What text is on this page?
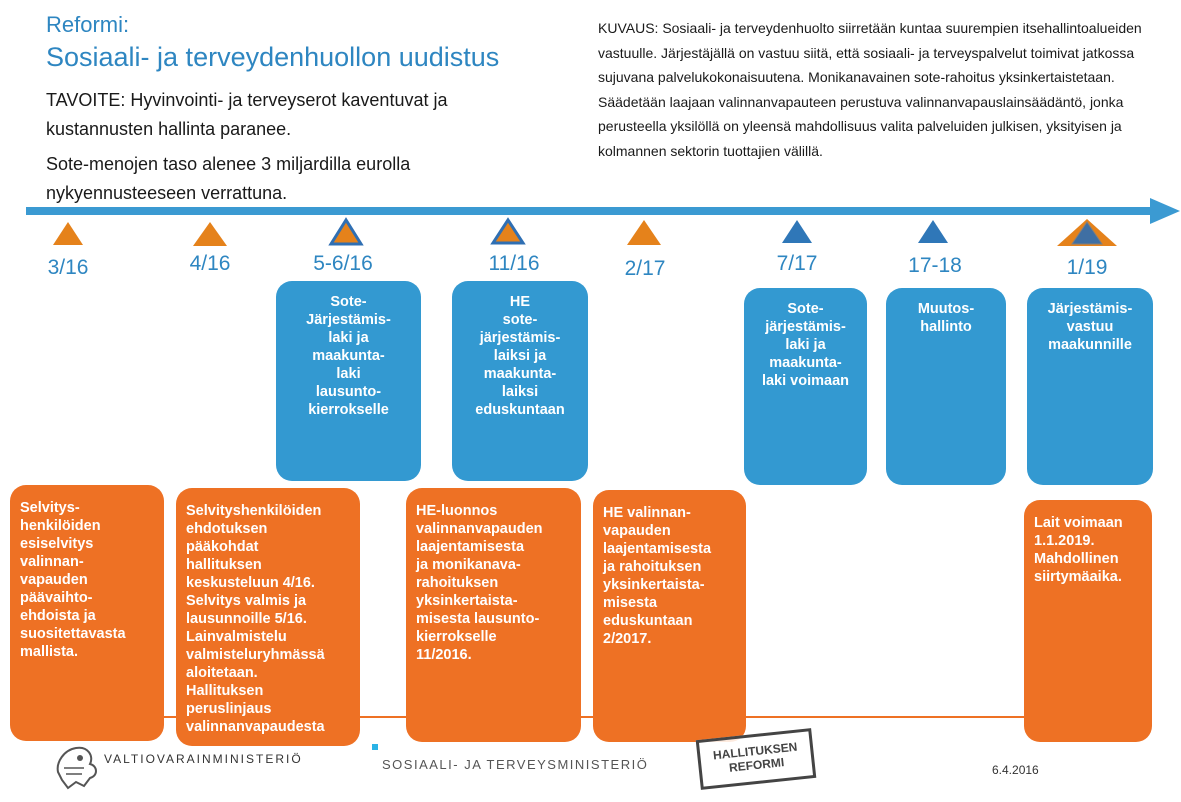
Reformi:
Sosiaali- ja terveydenhuollon uudistus
TAVOITE: Hyvinvointi- ja terveyserot kaventuvat ja kustannusten hallinta paranee.
Sote-menojen taso alenee 3 miljardilla eurolla nykyennusteeseen verrattuna.
KUVAUS: Sosiaali- ja terveydenhuolto siirretään kuntaa suurempien itsehallintoalueiden vastuulle. Järjestäjällä on vastuu siitä, että sosiaali- ja terveyspalvelut toimivat jatkossa sujuvana palvelukokonaisuutena. Monikanavainen sote-rahoitus yksinkertaistetaan. Säädetään laajaan valinnanvapauteen perustuva valinnanvapauslainsäädäntö, jonka perusteella yksilöllä on yleensä mahdollisuus valita palveluiden julkisen, yksityisen ja kolmannen sektorin tuottajien välillä.
3/16	4/16	5-6/16	11/16	2/17	7/17	17-18	1/19
Sote-
Järjestämis-
laki ja
maakunta-
laki
lausunto-
kierrokselle
HE
sote-
järjestämis-
laiksi ja
maakunta-
laiksi
eduskuntaan
Sote-
järjestämis-
laki ja
maakunta-
laki voimaan
Muutos-
hallinto
Järjestämis-
vastuu
maakunnille
Selvitys-
henkilöiden
esiselvitys
valinnan-
vapauden
päävaihto-
ehdoista ja
suositettavasta
mallista.
Selvityshenkilöiden
ehdotuksen
pääkohdat
hallituksen
keskusteluun 4/16.
Selvitys valmis ja
lausunnoille 5/16.
Lainvalmistelu
valmisteluryhmässä
aloitetaan.
Hallituksen
peruslinjaus
valinnanvapaudesta
HE-luonnos
valinnanvapauden
laajentamisesta
ja monikanava-
rahoituksen
yksinkertaista-
misesta lausunto-
kierrokselle
11/2016.
HE valinnan-
vapauden
laajentamisesta
ja rahoituksen
yksinkertaista-
misesta
eduskuntaan
2/2017.
Lait voimaan
1.1.2019.
Mahdollinen
siirtymäaika.
VALTIOVARAINMINISTERIÖ	SOSIAALI- JA TERVEYSMINISTERIÖ
HALLITUKSEN
REFORMI	6.4.2016
